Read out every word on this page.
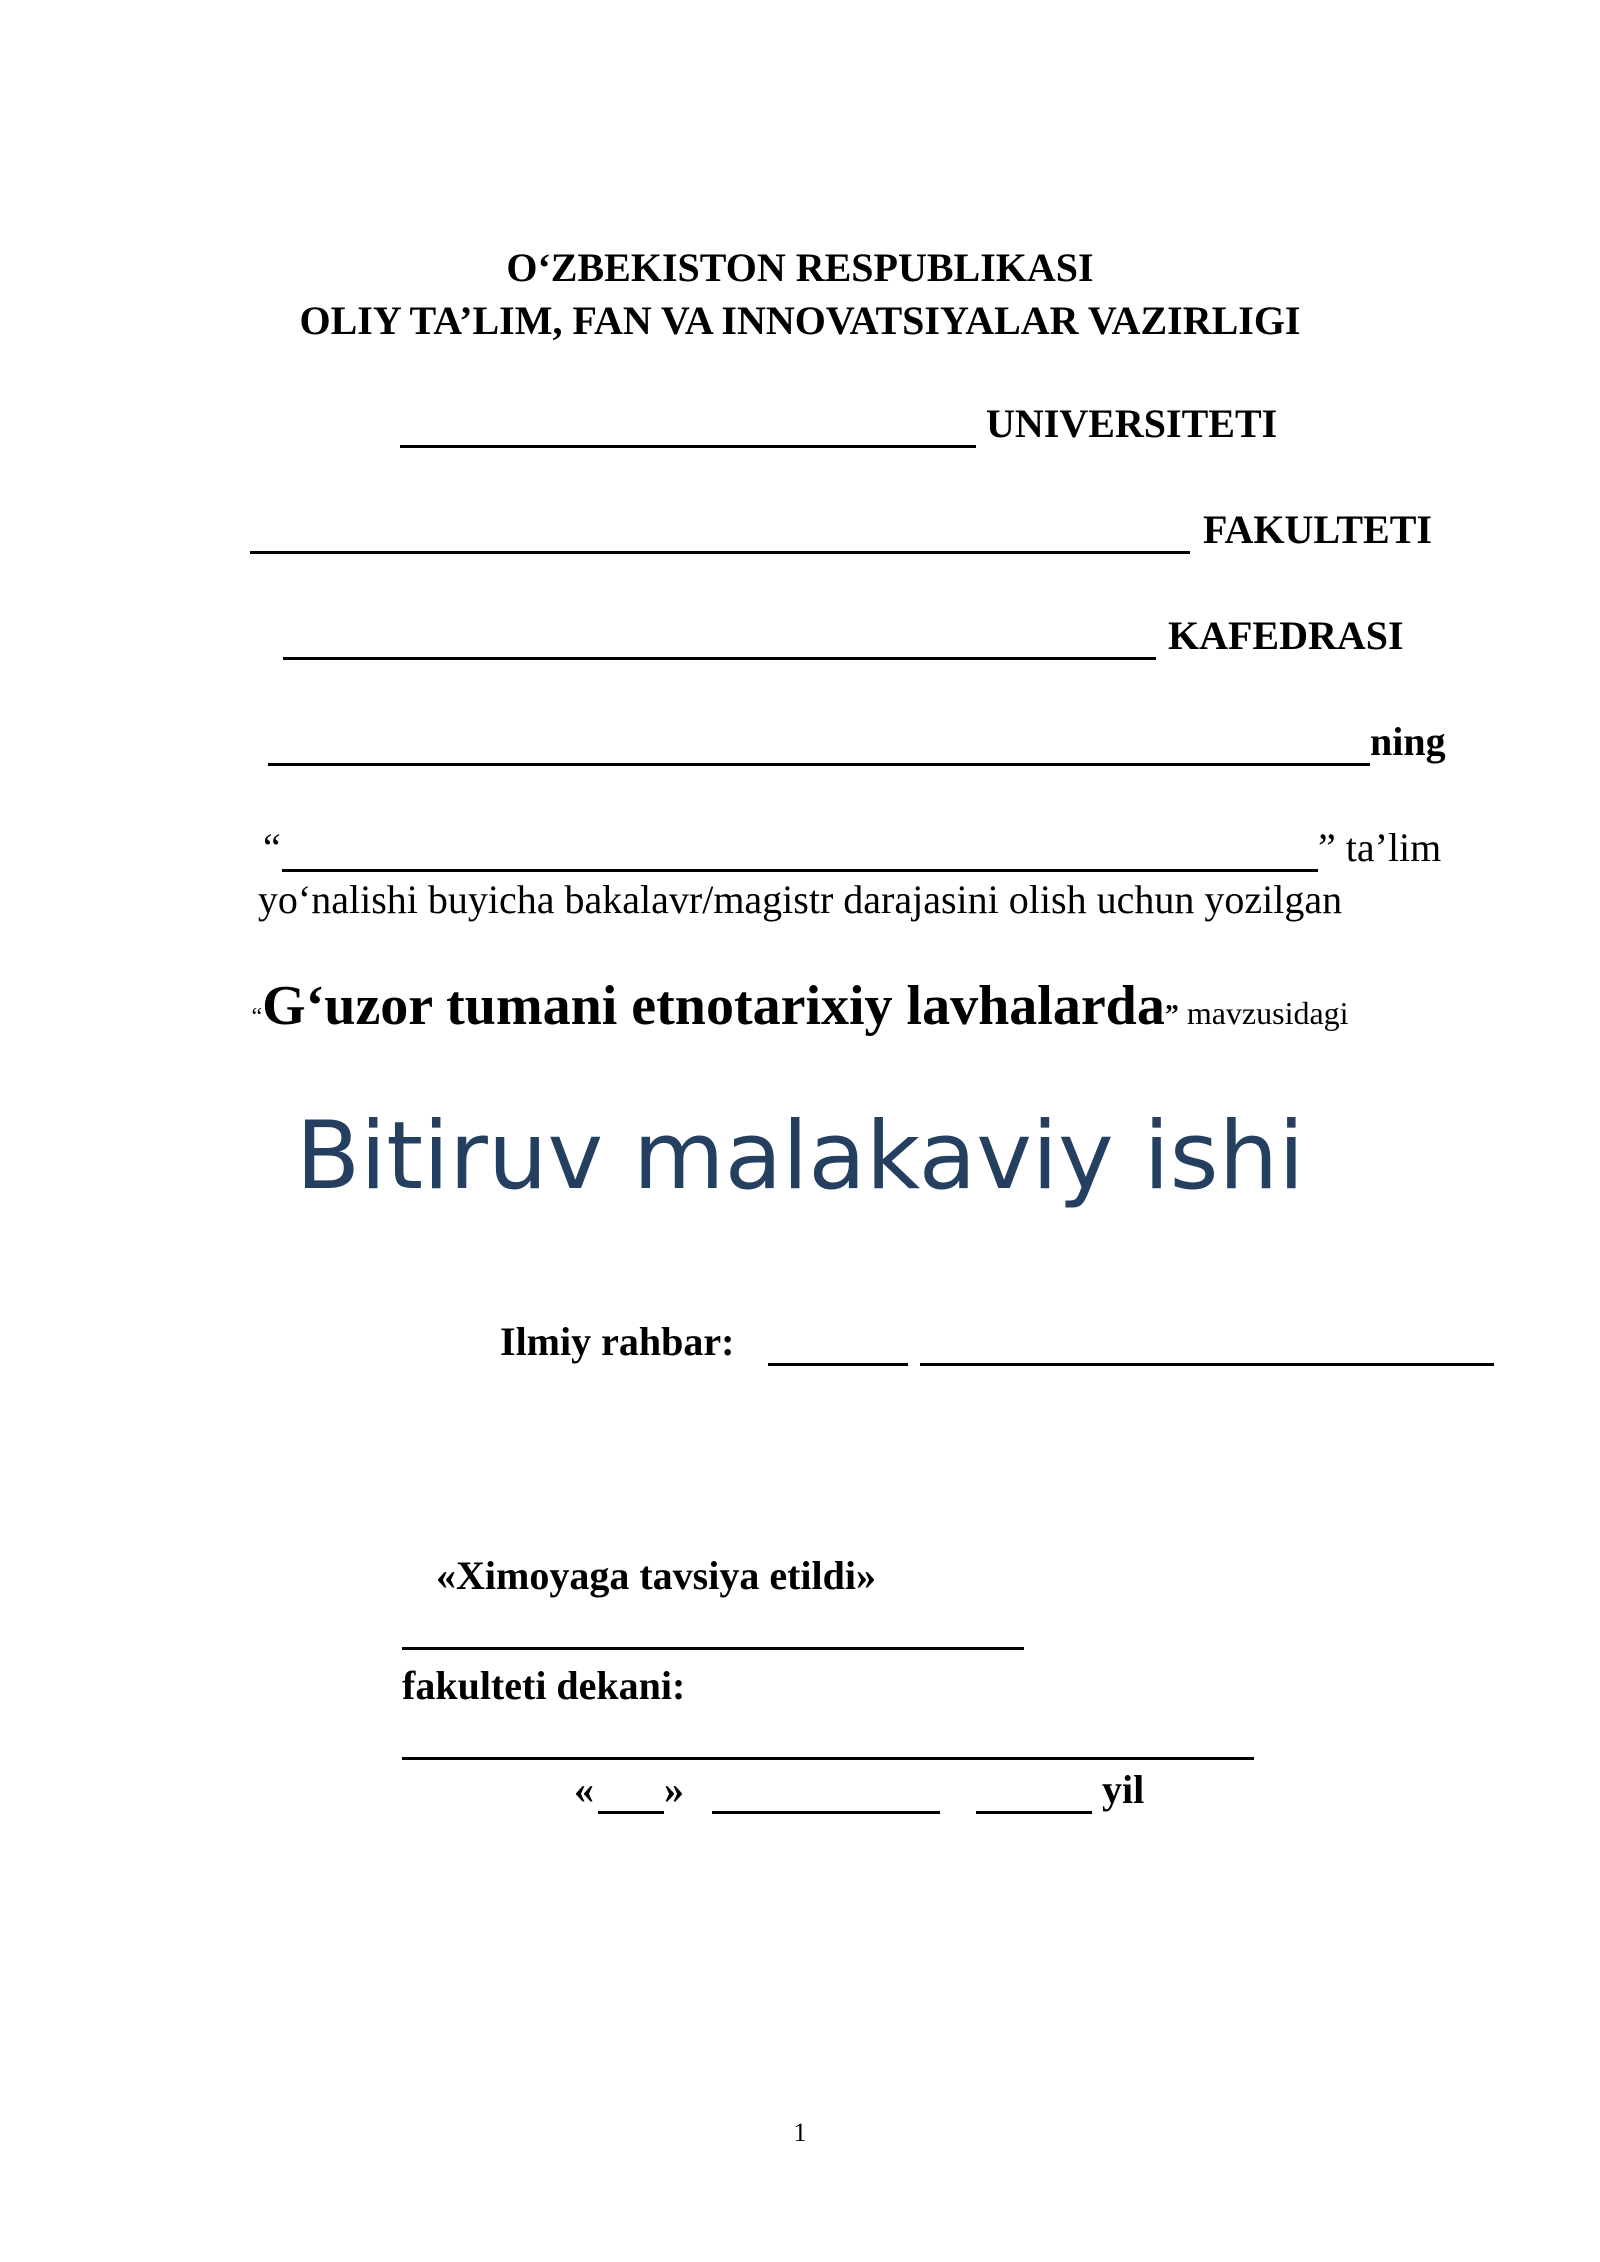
O‘ZBEKISTON RESPUBLIKASI
OLIY TA’LIM, FAN VA INNOVATSIYALAR VAZIRLIGI
UNIVERSITETI
FAKULTETI
KAFEDRASI
ning
“	” ta’lim
yo‘nalishi buyicha bakalavr/magistr darajasini olish uchun yozilgan
“G‘uzor tumani etnotarixiy lavhalarda” mavzusidagi
Bitiruv malakaviy ishi
Ilmiy rahbar:
«Ximoyaga tavsiya etildi»
fakulteti dekani:
« »	yil
1
